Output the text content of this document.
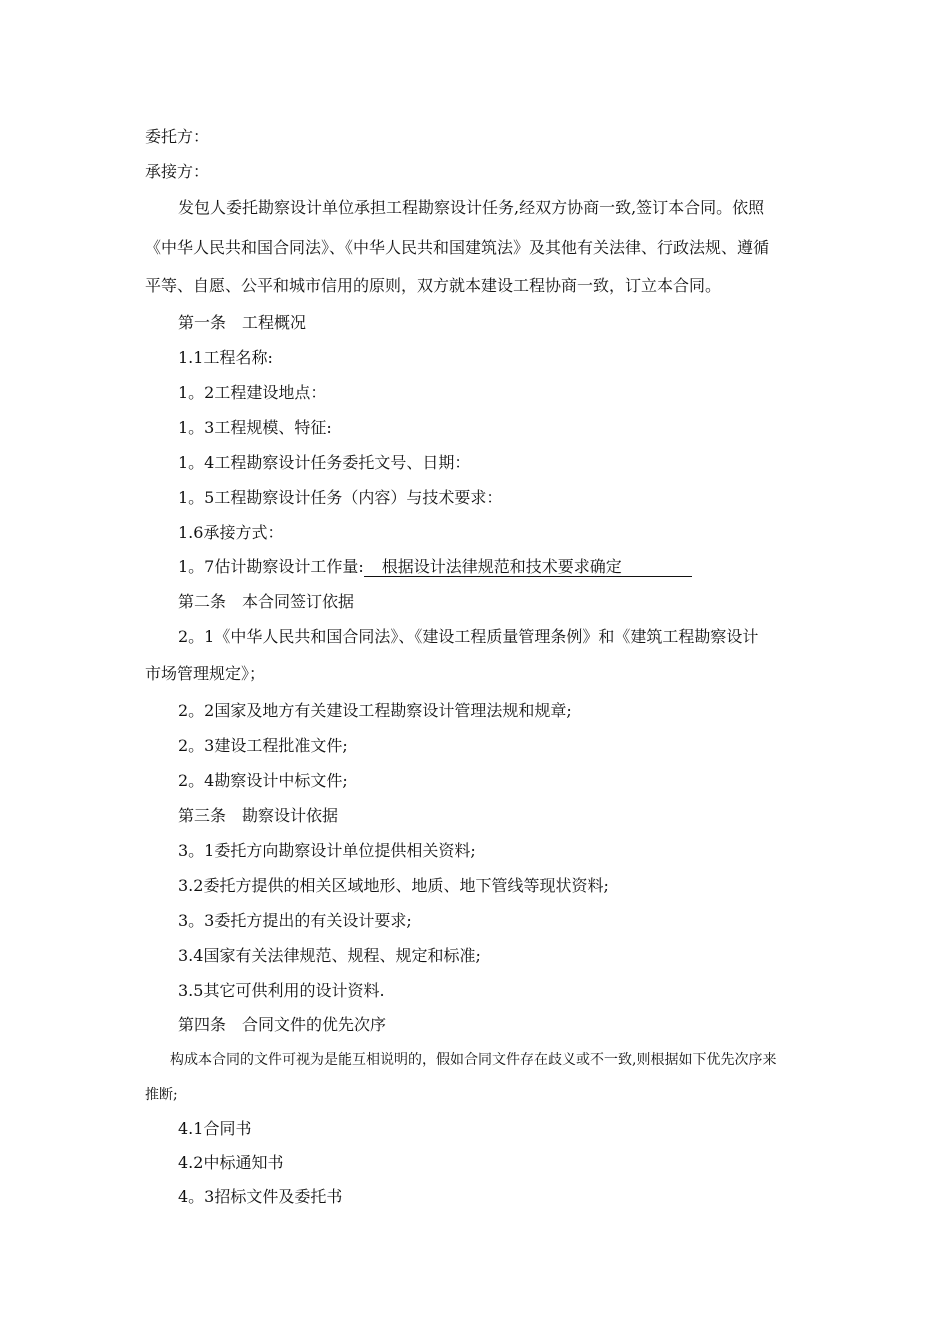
委托方：
承接方：
发包人委托勘察设计单位承担工程勘察设计任务,经双方协商一致,签订本合同。依照
《中华人民共和国合同法》、《中华人民共和国建筑法》及其他有关法律、行政法规、遵循
平等、自愿、公平和城市信用的原则，双方就本建设工程协商一致，订立本合同。
第一条 工程概况
1.1工程名称:
1。2工程建设地点：
1。3工程规模、特征:
1。4工程勘察设计任务委托文号、日期：
1。5工程勘察设计任务（内容）与技术要求：
1.6承接方式：
1。7估计勘察设计工作量: 根据设计法律规范和技术要求确定
第二条 本合同签订依据
2。1《中华人民共和国合同法》、《建设工程质量管理条例》和《建筑工程勘察设计
市场管理规定》；
2。2国家及地方有关建设工程勘察设计管理法规和规章;
2。3建设工程批准文件;
2。4勘察设计中标文件;
第三条 勘察设计依据
3。1委托方向勘察设计单位提供相关资料;
3.2委托方提供的相关区域地形、地质、地下管线等现状资料;
3。3委托方提出的有关设计要求;
3.4国家有关法律规范、规程、规定和标准;
3.5其它可供利用的设计资料.
第四条 合同文件的优先次序
构成本合同的文件可视为是能互相说明的，假如合同文件存在歧义或不一致,则根据如下优先次序来
推断;
4.1合同书
4.2中标通知书
4。3招标文件及委托书
